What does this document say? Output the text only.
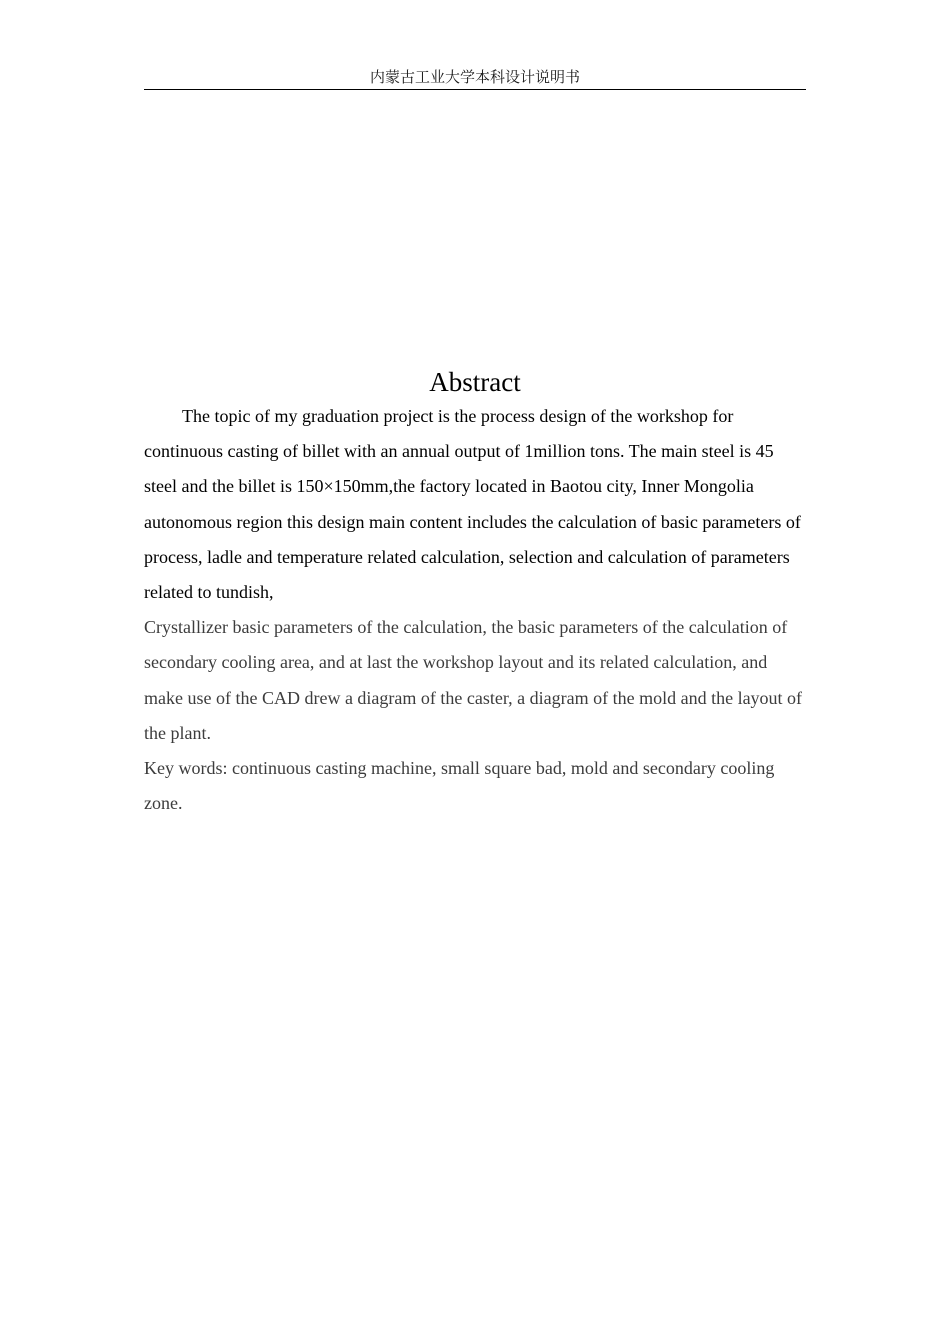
内蒙古工业大学本科设计说明书
Abstract

The topic of my graduation project is the process design of the workshop for continuous casting of billet with an annual output of 1million tons. The main steel is 45 steel and the billet is 150×150mm,the factory located in Baotou city, Inner Mongolia autonomous region this design main content includes the calculation of basic parameters of process, ladle and temperature related calculation, selection and calculation of parameters related to tundish,

Crystallizer basic parameters of the calculation, the basic parameters of the calculation of secondary cooling area, and at last the workshop layout and its related calculation, and make use of the CAD drew a diagram of the caster, a diagram of the mold and the layout of the plant.

Key words: continuous casting machine, small square bad, mold and secondary cooling zone.
